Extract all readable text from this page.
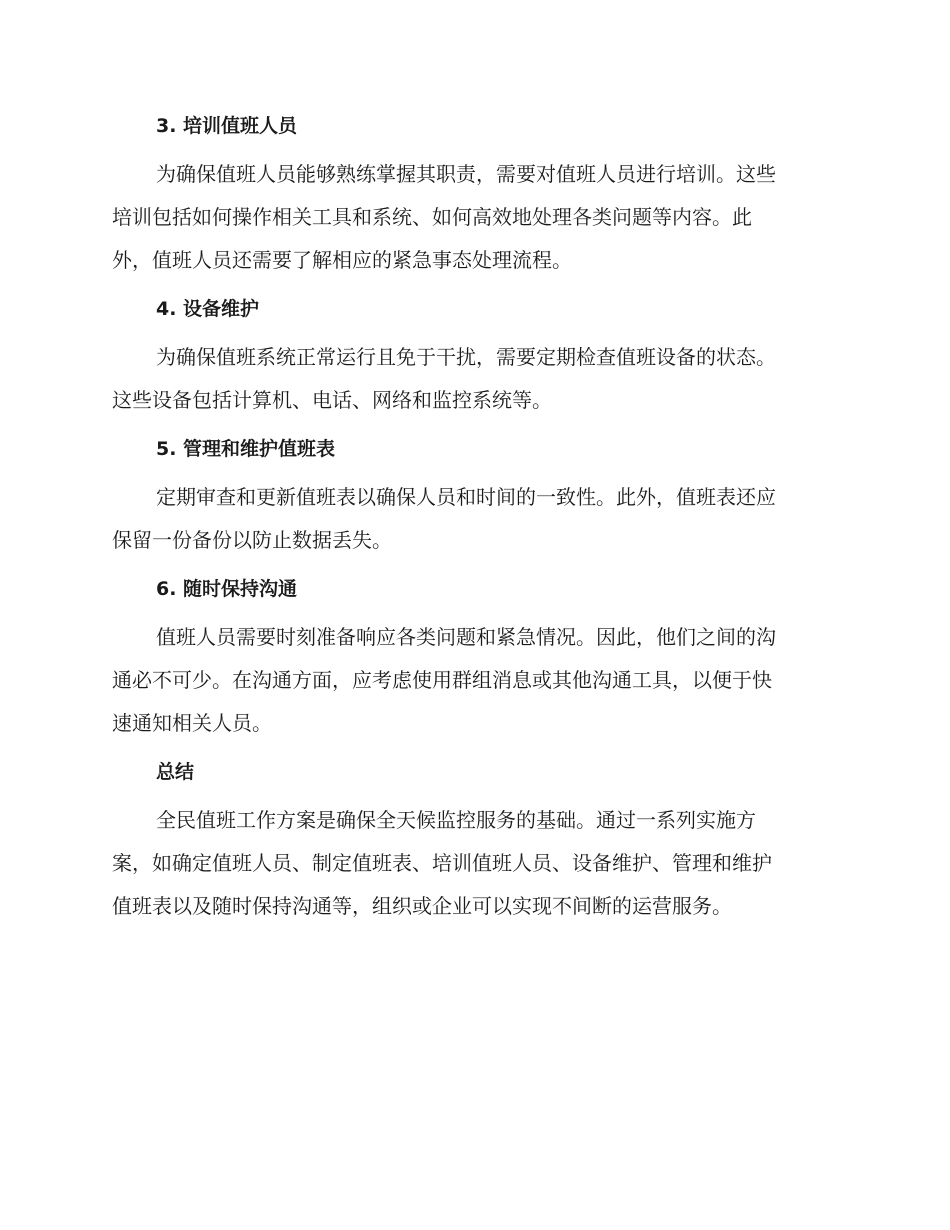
3. 培训值班人员
为确保值班人员能够熟练掌握其职责，需要对值班人员进行培训。这些
培训包括如何操作相关工具和系统、如何高效地处理各类问题等内容。此
外，值班人员还需要了解相应的紧急事态处理流程。
4. 设备维护
为确保值班系统正常运行且免于干扰，需要定期检查值班设备的状态。
这些设备包括计算机、电话、网络和监控系统等。
5. 管理和维护值班表
定期审查和更新值班表以确保人员和时间的一致性。此外，值班表还应
保留一份备份以防止数据丢失。
6. 随时保持沟通
值班人员需要时刻准备响应各类问题和紧急情况。因此，他们之间的沟
通必不可少。在沟通方面，应考虑使用群组消息或其他沟通工具，以便于快
速通知相关人员。
总结
全民值班工作方案是确保全天候监控服务的基础。通过一系列实施方
案，如确定值班人员、制定值班表、培训值班人员、设备维护、管理和维护
值班表以及随时保持沟通等，组织或企业可以实现不间断的运营服务。
